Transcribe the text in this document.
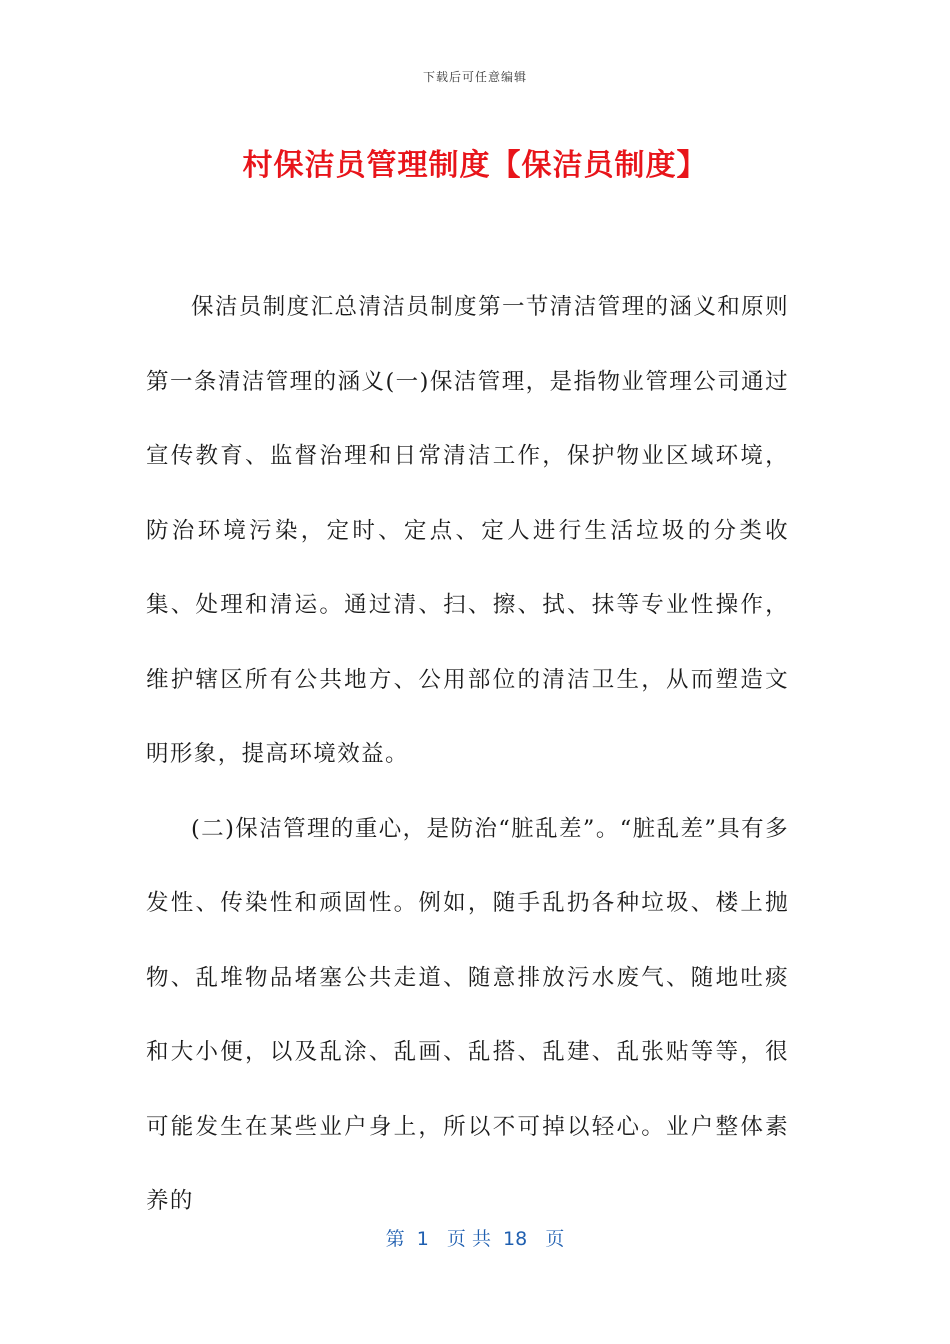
下载后可任意编辑
村保洁员管理制度【保洁员制度】

保洁员制度汇总清洁员制度第一节清洁管理的涵义和原则第一条清洁管理的涵义(一)保洁管理，是指物业管理公司通过宣传教育、监督治理和日常清洁工作，保护物业区域环境，防治环境污染，定时、定点、定人进行生活垃圾的分类收集、处理和清运。通过清、扫、擦、拭、抹等专业性操作，维护辖区所有公共地方、公用部位的清洁卫生，从而塑造文明形象，提高环境效益。

(二)保洁管理的重心，是防治“脏乱差”。“脏乱差”具有多发性、传染性和顽固性。例如，随手乱扔各种垃圾、楼上抛物、乱堆物品堵塞公共走道、随意排放污水废气、随地吐痰和大小便，以及乱涂、乱画、乱搭、乱建、乱张贴等等，很可能发生在某些业户身上，所以不可掉以轻心。业户整体素养的

第  1   页 共  18   页
